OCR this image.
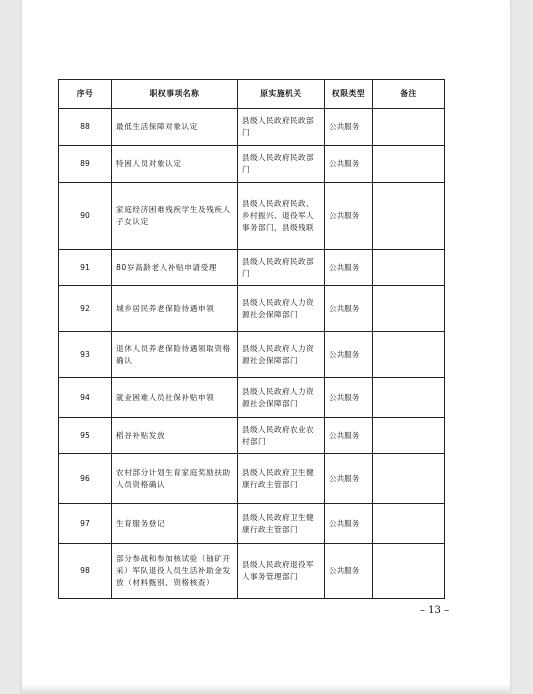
序号	职权事项名称	原实施机关	权限类型	备注
88	最低生活保障对象认定	县级人民政府民政部门	公共服务	
89	特困人员对象认定	县级人民政府民政部门	公共服务	
90	家庭经济困难残疾学生及残疾人子女认定	县级人民政府民政、乡村振兴、退役军人事务部门，县级残联	公共服务	
91	80岁高龄老人补贴申请受理	县级人民政府民政部门	公共服务	
92	城乡居民养老保险待遇申领	县级人民政府人力资源社会保障部门	公共服务	
93	退休人员养老保险待遇领取资格确认	县级人民政府人力资源社会保障部门	公共服务	
94	就业困难人员社保补贴申领	县级人民政府人力资源社会保障部门	公共服务	
95	稻谷补贴发放	县级人民政府农业农村部门	公共服务	
96	农村部分计划生育家庭奖励扶助人员资格确认	县级人民政府卫生健康行政主管部门	公共服务	
97	生育服务登记	县级人民政府卫生健康行政主管部门	公共服务	
98	部分参战和参加核试验（铀矿开采）军队退役人员生活补助金发放（材料甄别、资格核查）	县级人民政府退役军人事务管理部门	公共服务	
– 13 –
